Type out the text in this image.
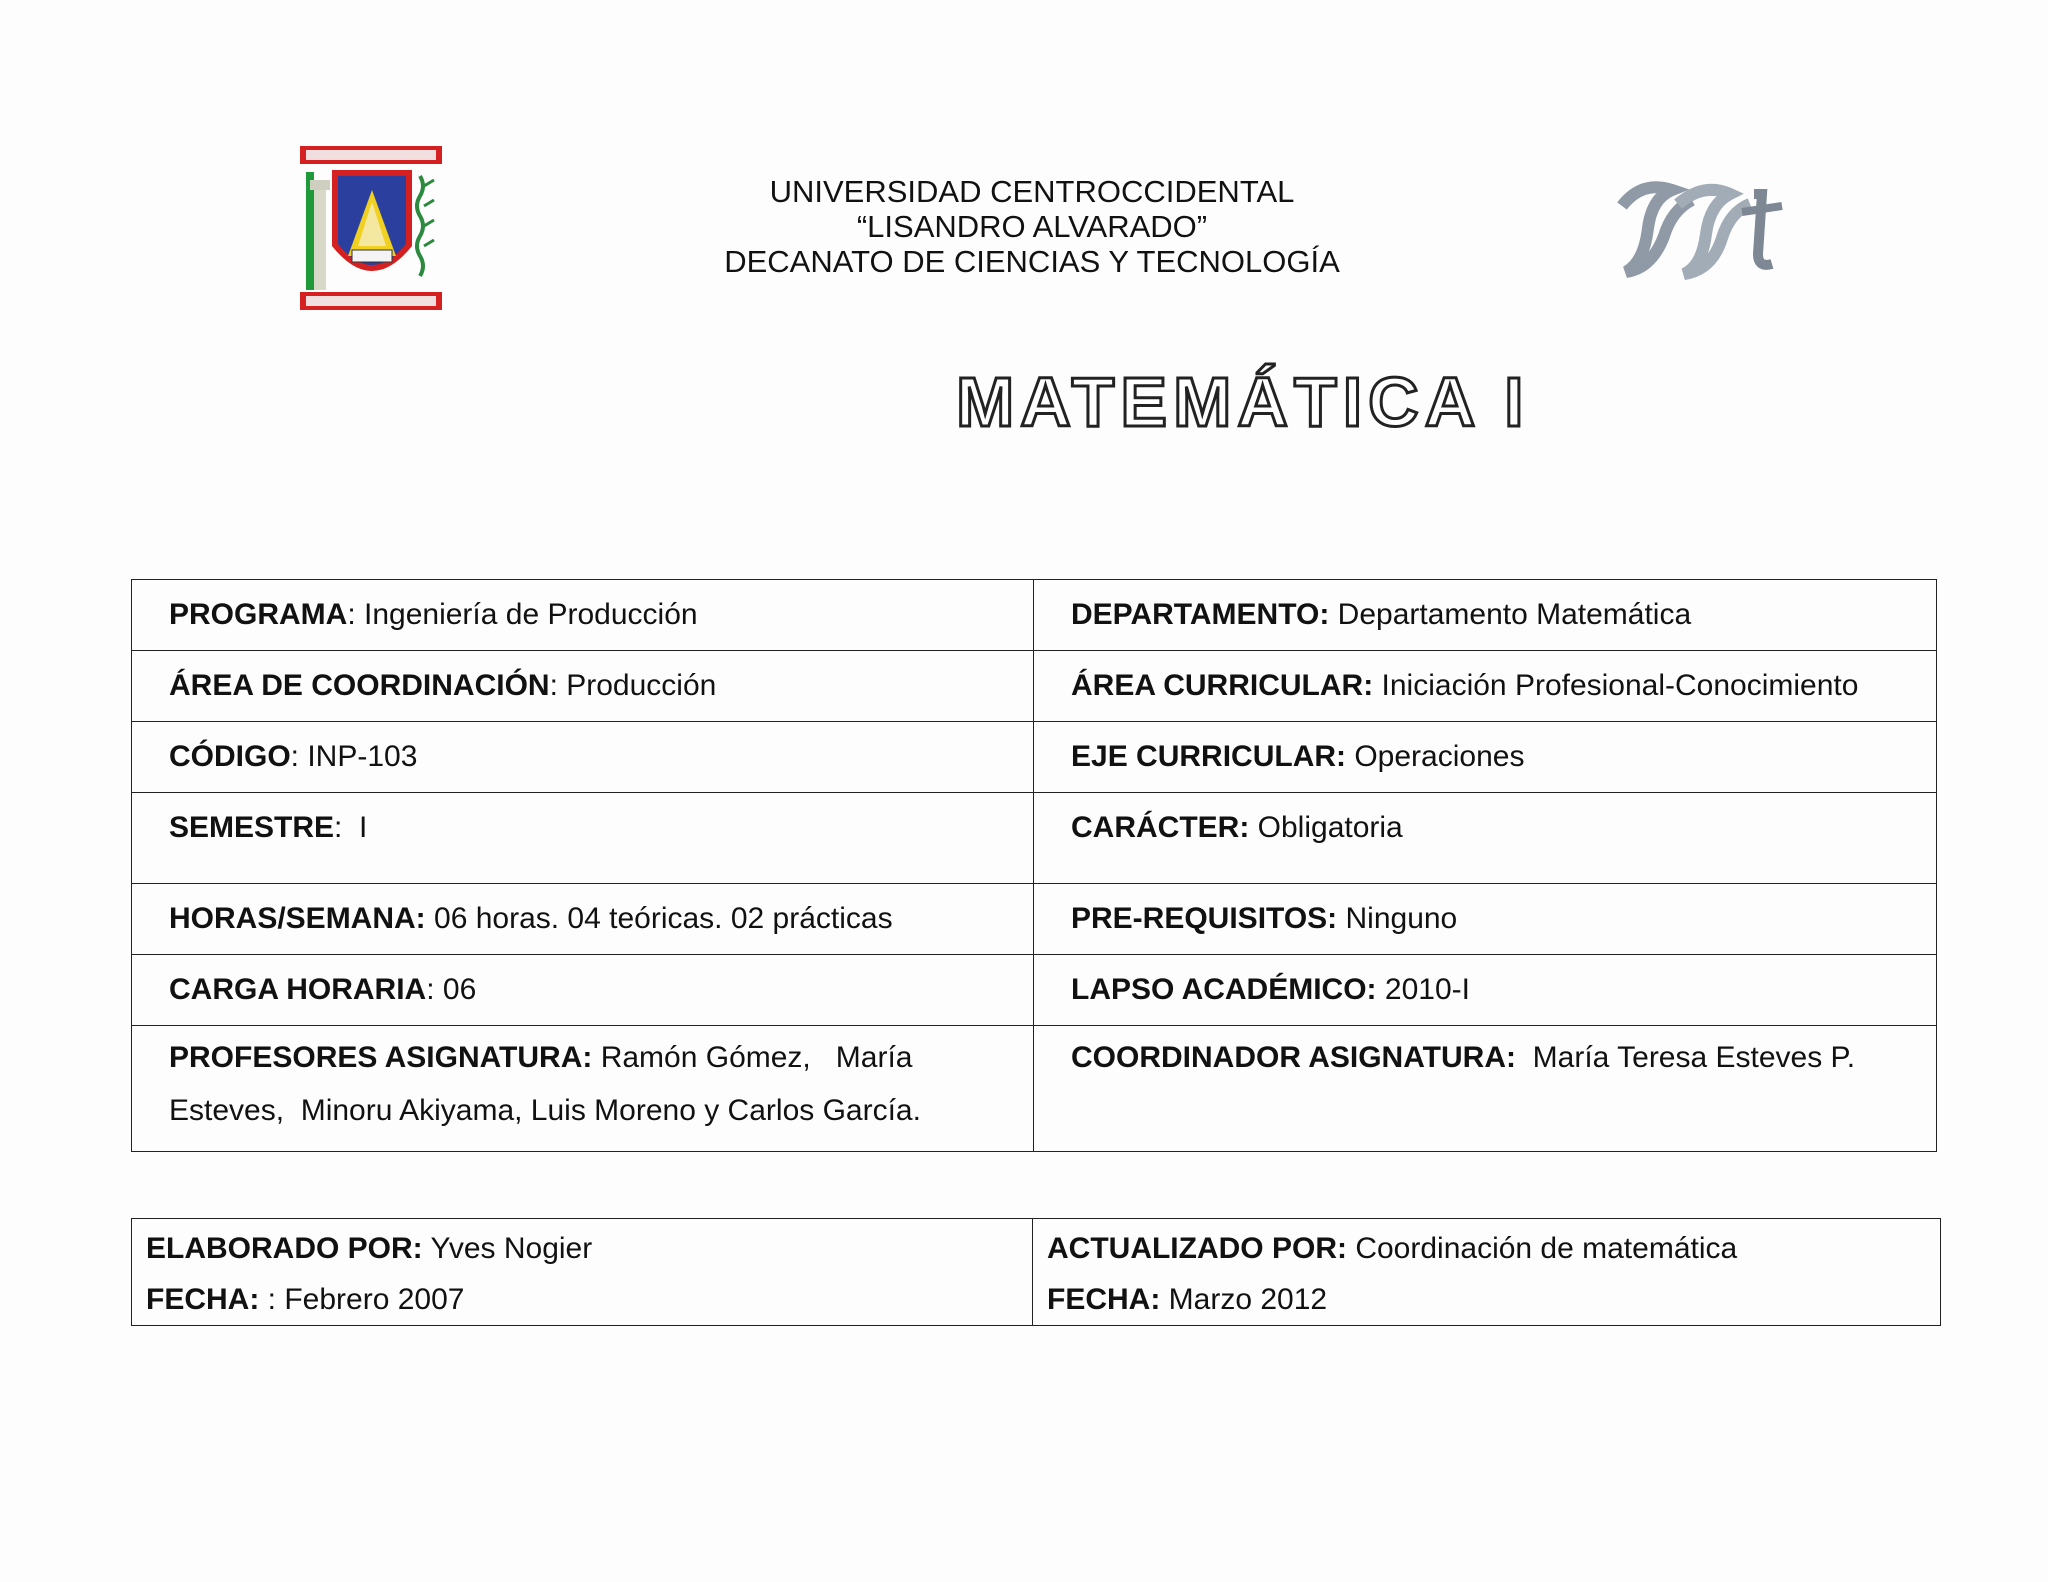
UNIVERSIDAD CENTROCCIDENTAL
“LISANDRO ALVARADO”
DECANATO DE CIENCIAS Y TECNOLOGÍA
MATEMÁTICA I
PROGRAMA: Ingeniería de Producción	DEPARTAMENTO: Departamento Matemática
ÁREA DE COORDINACIÓN: Producción	ÁREA CURRICULAR: Iniciación Profesional-Conocimiento
CÓDIGO: INP-103	EJE CURRICULAR: Operaciones
SEMESTRE:  I	CARÁCTER: Obligatoria
HORAS/SEMANA: 06 horas. 04 teóricas. 02 prácticas	PRE-REQUISITOS: Ninguno
CARGA HORARIA: 06	LAPSO ACADÉMICO: 2010-I
PROFESORES ASIGNATURA: Ramón Gómez,   María Esteves,  Minoru Akiyama, Luis Moreno y Carlos García.	COORDINADOR ASIGNATURA:  María Teresa Esteves P.
ELABORADO POR: Yves Nogier
FECHA: : Febrero 2007

ACTUALIZADO POR: Coordinación de matemática
FECHA: Marzo 2012
